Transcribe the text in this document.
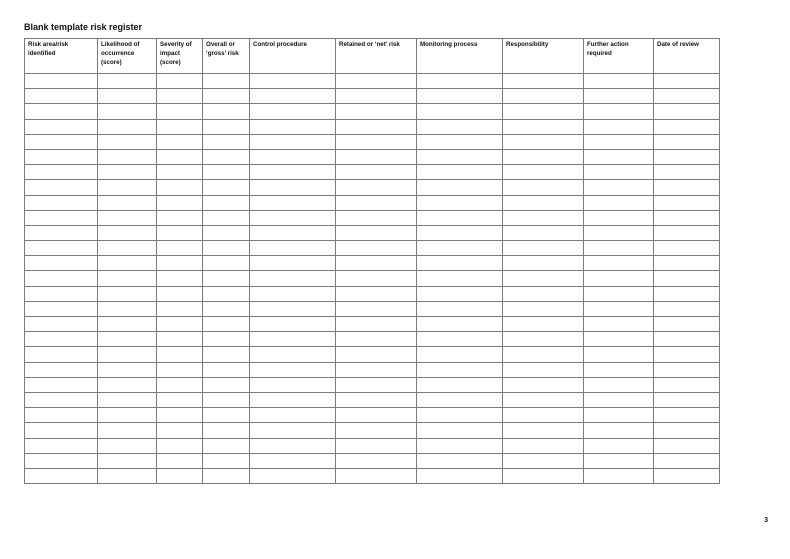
Blank template risk register
Risk area/risk
identified	Likelihood of
occurrence
(score)	Severity of
impact
(score)	Overall or
‘gross’ risk	Control procedure	Retained or ‘net’ risk	Monitoring process	Responsibility	Further action
required	Date of review

3
